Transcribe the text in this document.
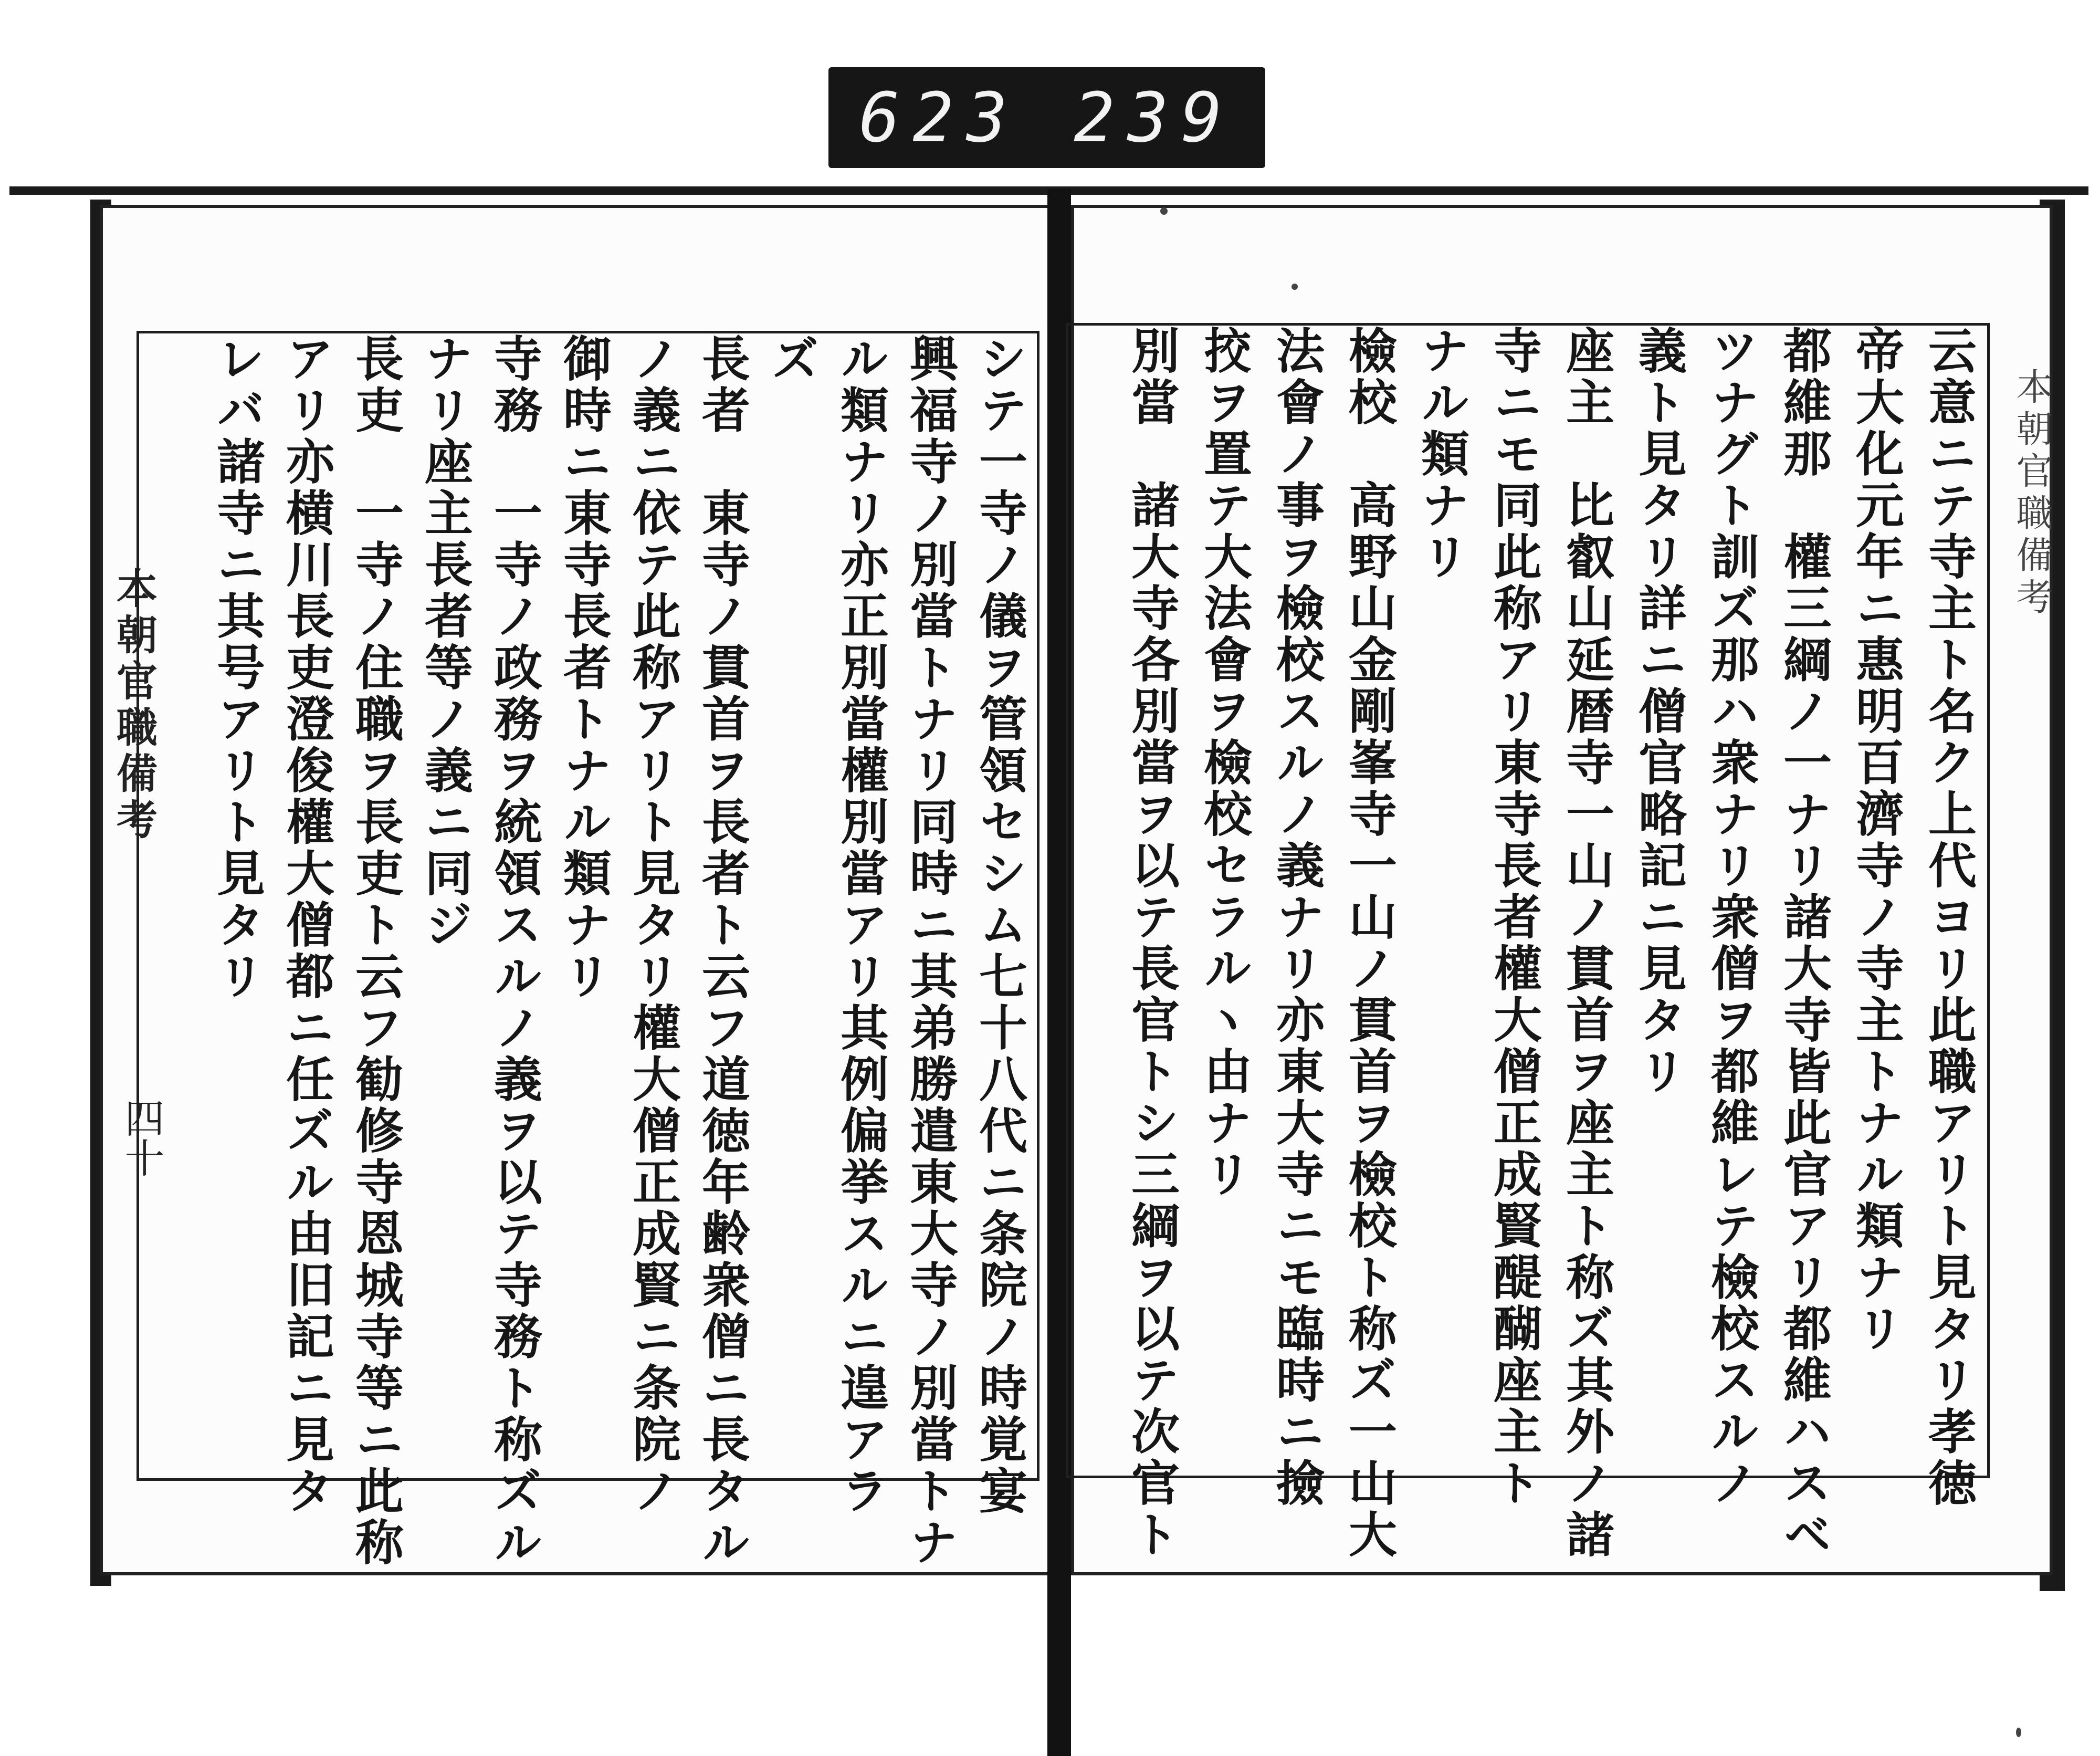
623 239
本朝官職備考
本朝官職備考
四十	云意ニテ寺主ト名ク上代ヨリ此職アリト見タリ孝徳
帝大化元年ニ惠明百濟寺ノ寺主トナル類ナリ
都維那　權三綱ノ一ナリ諸大寺皆此官アリ都維ハスベ
ツナグト訓ズ那ハ衆ナリ衆僧ヲ都維レテ檢校スルノ
義ト見タリ詳ニ僧官略記ニ見タリ
座主　比叡山延暦寺一山ノ貫首ヲ座主ト称ズ其外ノ諸
寺ニモ同此称アリ東寺長者權大僧正成賢醍醐座主ト
ナル類ナリ
檢校　高野山金剛峯寺一山ノ貫首ヲ檢校ト称ズ一山大
法會ノ事ヲ檢校スルノ義ナリ亦東大寺ニモ臨時ニ撿
挍ヲ置テ大法會ヲ檢校セラルヽ由ナリ
別當　諸大寺各別當ヲ以テ長官トシ三綱ヲ以テ次官ト
シテ一寺ノ儀ヲ管領セシム七十八代ニ条院ノ時覚宴
興福寺ノ別當トナリ同時ニ其弟勝遣東大寺ノ別當トナ
ル類ナリ亦正別當權別當アリ其例偏挙スルニ遑アラ
ズ
長者　東寺ノ貫首ヲ長者ト云フ道徳年齢衆僧ニ長タル
ノ義ニ依テ此称アリト見タリ權大僧正成賢ニ条院ノ
御時ニ東寺長者トナル類ナリ
寺務　一寺ノ政務ヲ統領スルノ義ヲ以テ寺務ト称ズル
ナリ座主長者等ノ義ニ同ジ
長吏　一寺ノ住職ヲ長吏ト云フ勧修寺恩城寺等ニ此称
アリ亦横川長吏澄俊權大僧都ニ任ズル由旧記ニ見タ
レバ諸寺ニ其号アリト見タリ
